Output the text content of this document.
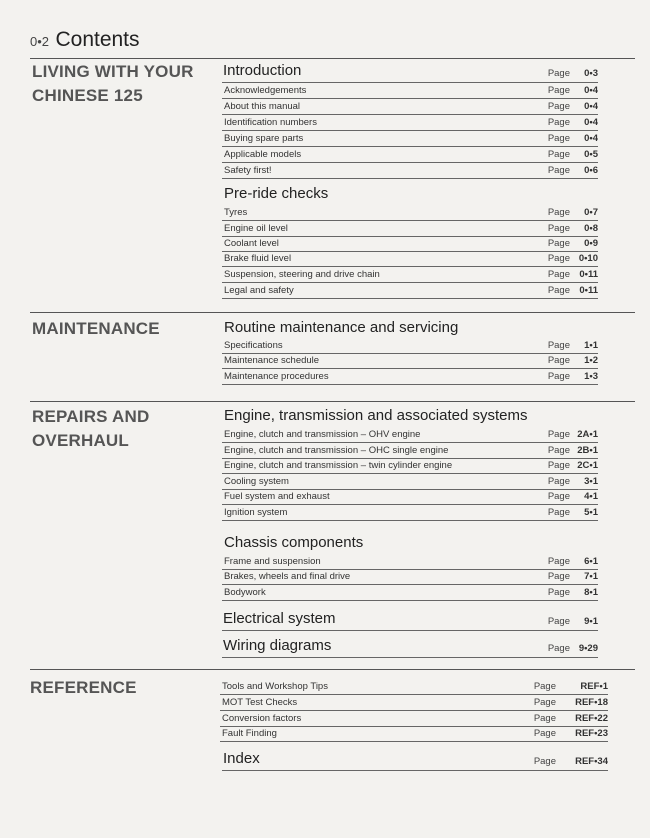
0•2 Contents
LIVING WITH YOUR CHINESE 125
Introduction	Page 0•3
Acknowledgements	Page 0•4
About this manual	Page 0•4
Identification numbers	Page 0•4
Buying spare parts	Page 0•4
Applicable models	Page 0•5
Safety first!	Page 0•6
Pre-ride checks
Tyres	Page 0•7
Engine oil level	Page 0•8
Coolant level	Page 0•9
Brake fluid level	Page 0•10
Suspension, steering and drive chain	Page 0•11
Legal and safety	Page 0•11
MAINTENANCE	Routine maintenance and servicing
Specifications	Page 1•1
Maintenance schedule	Page 1•2
Maintenance procedures	Page 1•3
REPAIRS AND OVERHAUL
Engine, transmission and associated systems
Engine, clutch and transmission – OHV engine	Page 2A•1
Engine, clutch and transmission – OHC single engine	Page 2B•1
Engine, clutch and transmission – twin cylinder engine	Page 2C•1
Cooling system	Page 3•1
Fuel system and exhaust	Page 4•1
Ignition system	Page 5•1
Chassis components
Frame and suspension	Page 6•1
Brakes, wheels and final drive	Page 7•1
Bodywork	Page 8•1
Electrical system	Page 9•1
Wiring diagrams	Page 9•29
REFERENCE	Tools and Workshop Tips	Page	REF•1
MOT Test Checks	Page REF•18
Conversion factors	Page REF•22
Fault Finding	Page REF•23
Index	Page REF•34
